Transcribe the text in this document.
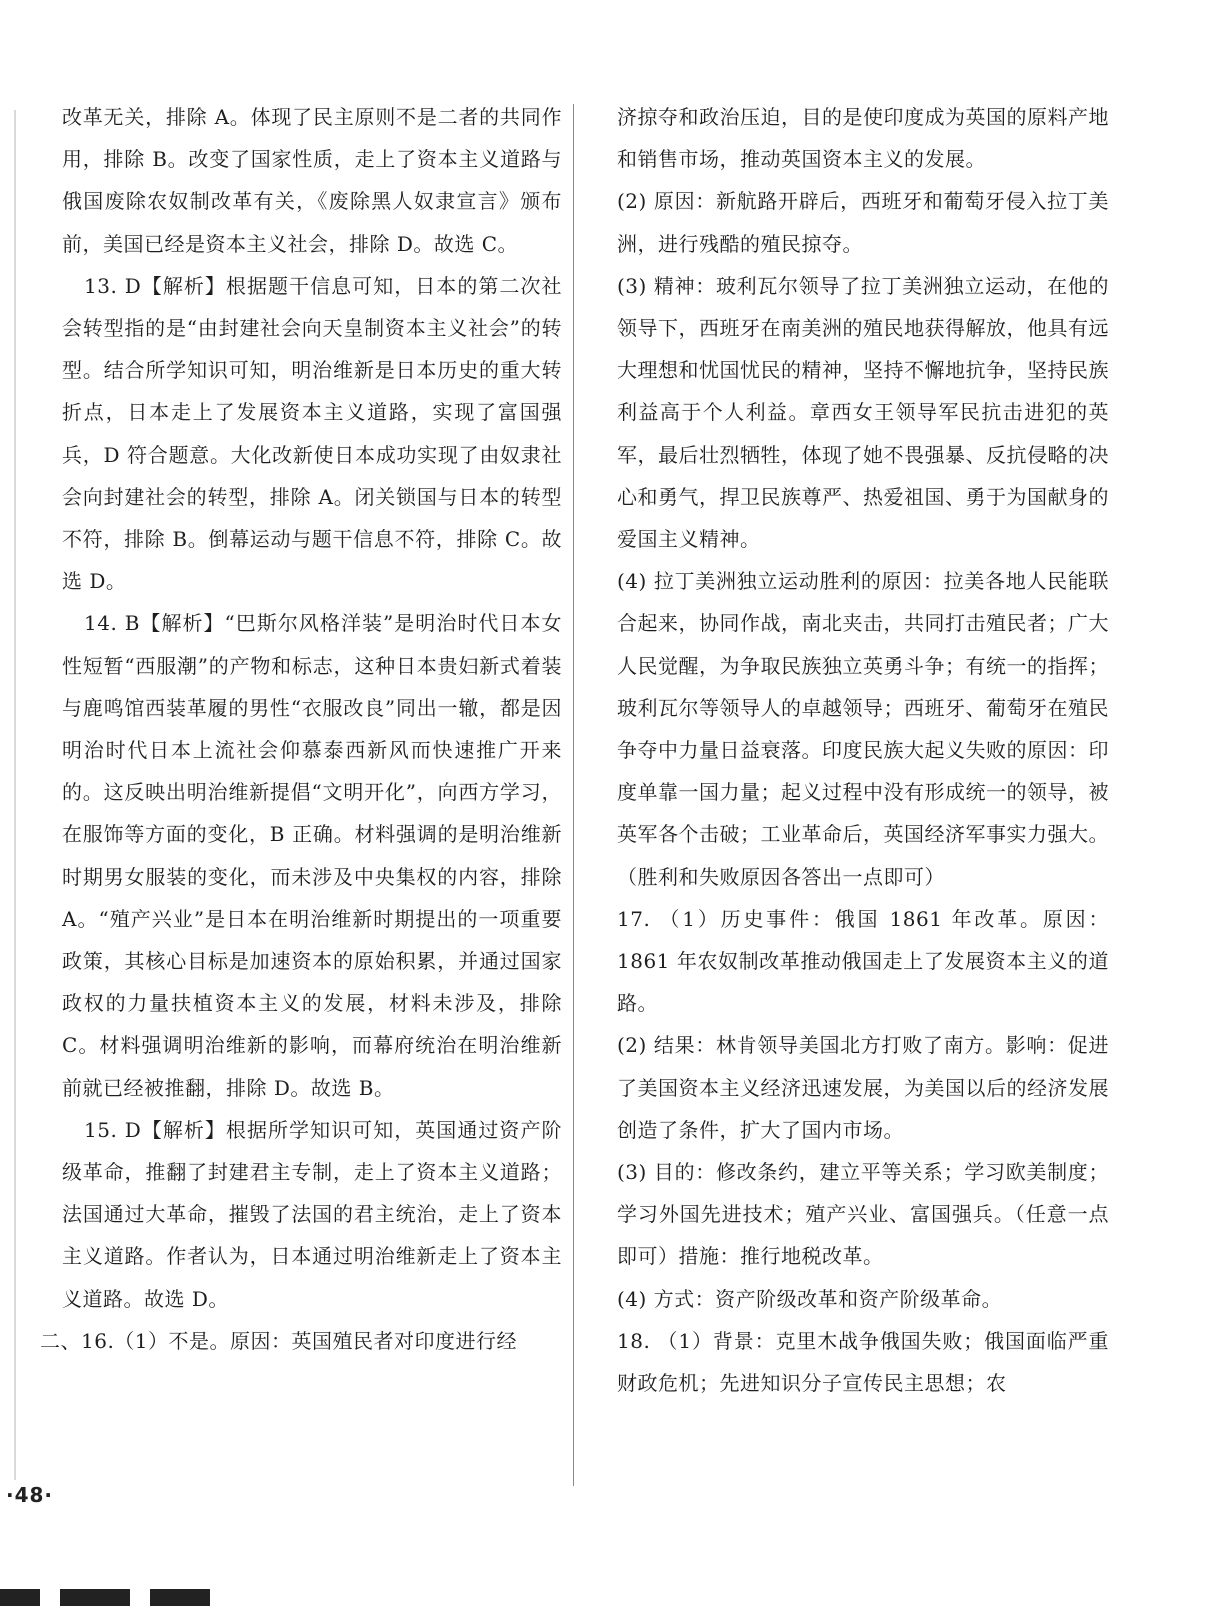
改革无关，排除 A。体现了民主原则不是二者的共同作用，排除 B。改变了国家性质，走上了资本主义道路与俄国废除农奴制改革有关，《废除黑人奴隶宣言》颁布前，美国已经是资本主义社会，排除 D。故选 C。

13. D【解析】根据题干信息可知，日本的第二次社会转型指的是“由封建社会向天皇制资本主义社会”的转型。结合所学知识可知，明治维新是日本历史的重大转折点，日本走上了发展资本主义道路，实现了富国强兵，D 符合题意。大化改新使日本成功实现了由奴隶社会向封建社会的转型，排除 A。闭关锁国与日本的转型不符，排除 B。倒幕运动与题干信息不符，排除 C。故选 D。

14. B【解析】“巴斯尔风格洋装”是明治时代日本女性短暂“西服潮”的产物和标志，这种日本贵妇新式着装与鹿鸣馆西装革履的男性“衣服改良”同出一辙，都是因明治时代日本上流社会仰慕泰西新风而快速推广开来的。这反映出明治维新提倡“文明开化”，向西方学习，在服饰等方面的变化，B 正确。材料强调的是明治维新时期男女服装的变化，而未涉及中央集权的内容，排除 A。“殖产兴业”是日本在明治维新时期提出的一项重要政策，其核心目标是加速资本的原始积累，并通过国家政权的力量扶植资本主义的发展，材料未涉及，排除 C。材料强调明治维新的影响，而幕府统治在明治维新前就已经被推翻，排除 D。故选 B。

15. D【解析】根据所学知识可知，英国通过资产阶级革命，推翻了封建君主专制，走上了资本主义道路；法国通过大革命，摧毁了法国的君主统治，走上了资本主义道路。作者认为，日本通过明治维新走上了资本主义道路。故选 D。

二、16.（1）不是。原因：英国殖民者对印度进行经

济掠夺和政治压迫，目的是使印度成为英国的原料产地和销售市场，推动英国资本主义的发展。

(2) 原因：新航路开辟后，西班牙和葡萄牙侵入拉丁美洲，进行残酷的殖民掠夺。

(3) 精神：玻利瓦尔领导了拉丁美洲独立运动，在他的领导下，西班牙在南美洲的殖民地获得解放，他具有远大理想和忧国忧民的精神，坚持不懈地抗争，坚持民族利益高于个人利益。章西女王领导军民抗击进犯的英军，最后壮烈牺牲，体现了她不畏强暴、反抗侵略的决心和勇气，捍卫民族尊严、热爱祖国、勇于为国献身的爱国主义精神。

(4) 拉丁美洲独立运动胜利的原因：拉美各地人民能联合起来，协同作战，南北夹击，共同打击殖民者；广大人民觉醒，为争取民族独立英勇斗争；有统一的指挥；玻利瓦尔等领导人的卓越领导；西班牙、葡萄牙在殖民争夺中力量日益衰落。印度民族大起义失败的原因：印度单靠一国力量；起义过程中没有形成统一的领导，被英军各个击破；工业革命后，英国经济军事实力强大。（胜利和失败原因各答出一点即可）

17. （1）历史事件：俄国 1861 年改革。原因：1861 年农奴制改革推动俄国走上了发展资本主义的道路。

(2) 结果：林肯领导美国北方打败了南方。影响：促进了美国资本主义经济迅速发展，为美国以后的经济发展创造了条件，扩大了国内市场。

(3) 目的：修改条约，建立平等关系；学习欧美制度；学习外国先进技术；殖产兴业、富国强兵。（任意一点即可）措施：推行地税改革。

(4) 方式：资产阶级改革和资产阶级革命。

18. （1）背景：克里木战争俄国失败；俄国面临严重财政危机；先进知识分子宣传民主思想；农

·48·
